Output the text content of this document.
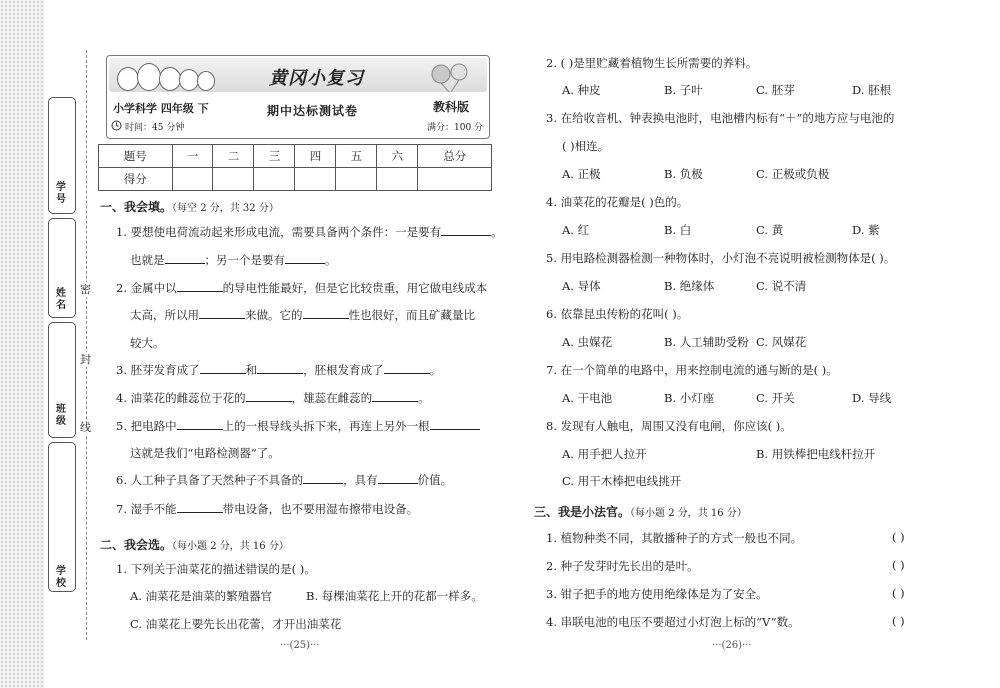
学号
姓名
班级
学校
密
封
线
黄冈小复习
小学科学 四年级 下	期中达标测试卷	教科版
时间：45 分钟	满分：100 分
题号	一	二	三	四	五	六	总分
得分							
一、我会填。（每空 2 分，共 32 分）
1. 要想使电荷流动起来形成电流，需要具备两个条件：一是要有	。
也就是	；另一个是要有	。
2. 金属中以	的导电性能最好，但是它比较贵重，用它做电线成本
太高，所以用	来做。它的	性也很好，而且矿藏量比
较大。
3. 胚芽发育成了	和	，胚根发育成了	。
4. 油菜花的雌蕊位于花的	，雄蕊在雌蕊的	。
5. 把电路中	上的一根导线头拆下来，再连上另外一根
这就是我们“电路检测器”了。
6. 人工种子具备了天然种子不具备的	，具有	价值。
7. 湿手不能	带电设备，也不要用湿布擦带电设备。
二、我会选。（每小题 2 分，共 16 分）
1. 下列关于油菜花的描述错误的是( )。
A. 油菜花是油菜的繁殖器官	B. 每棵油菜花上开的花都一样多。
C. 油菜花上要先长出花蕾，才开出油菜花
···(25)···
2. ( )是里贮藏着植物生长所需要的养料。
A. 种皮	B. 子叶	C. 胚芽	D. 胚根
3. 在给收音机、钟表换电池时，电池槽内标有“＋”的地方应与电池的
( )相连。
A. 正极	B. 负极	C. 正极或负极
4. 油菜花的花瓣是( )色的。
A. 红	B. 白	C. 黄	D. 紫
5. 用电路检测器检测一种物体时，小灯泡不亮说明被检测物体是( )。
A. 导体	B. 绝缘体	C. 说不清
6. 依靠昆虫传粉的花叫( )。
A. 虫媒花	B. 人工辅助受粉 C. 风媒花
7. 在一个简单的电路中，用来控制电流的通与断的是( )。
A. 干电池	B. 小灯座	C. 开关	D. 导线
8. 发现有人触电，周围又没有电闸，你应该( )。
A. 用手把人拉开	B. 用铁棒把电线杆拉开
C. 用干木棒把电线挑开
三、我是小法官。（每小题 2 分，共 16 分）
1. 植物种类不同，其散播种子的方式一般也不同。	( )
2. 种子发芽时先长出的是叶。	( )
3. 钳子把手的地方使用绝缘体是为了安全。	( )
4. 串联电池的电压不要超过小灯泡上标的“V”数。	( )
···(26)···
